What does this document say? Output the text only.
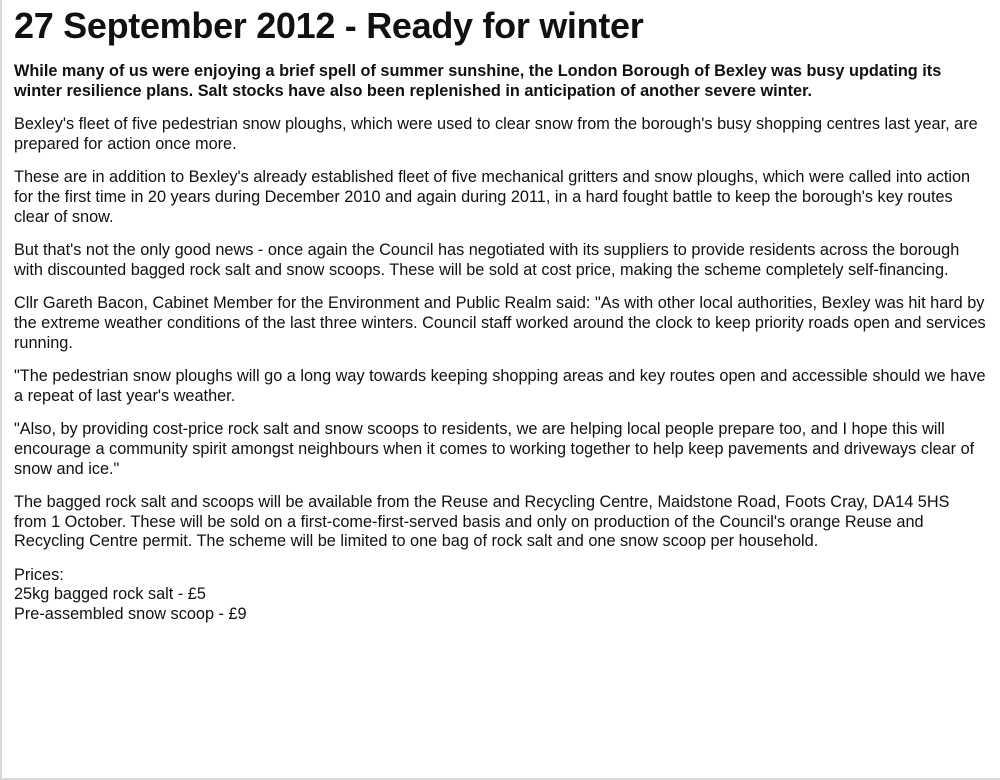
27 September 2012 - Ready for winter

While many of us were enjoying a brief spell of summer sunshine, the London Borough of Bexley was busy updating its winter resilience plans. Salt stocks have also been replenished in anticipation of another severe winter.

Bexley's fleet of five pedestrian snow ploughs, which were used to clear snow from the borough's busy shopping centres last year, are prepared for action once more.

These are in addition to Bexley's already established fleet of five mechanical gritters and snow ploughs, which were called into action for the first time in 20 years during December 2010 and again during 2011, in a hard fought battle to keep the borough's key routes clear of snow.

But that's not the only good news - once again the Council has negotiated with its suppliers to provide residents across the borough with discounted bagged rock salt and snow scoops. These will be sold at cost price, making the scheme completely self-financing.

Cllr Gareth Bacon, Cabinet Member for the Environment and Public Realm said: "As with other local authorities, Bexley was hit hard by the extreme weather conditions of the last three winters. Council staff worked around the clock to keep priority roads open and services running.

"The pedestrian snow ploughs will go a long way towards keeping shopping areas and key routes open and accessible should we have a repeat of last year's weather.

"Also, by providing cost-price rock salt and snow scoops to residents, we are helping local people prepare too, and I hope this will encourage a community spirit amongst neighbours when it comes to working together to help keep pavements and driveways clear of snow and ice."

The bagged rock salt and scoops will be available from the Reuse and Recycling Centre, Maidstone Road, Foots Cray, DA14 5HS from 1 October. These will be sold on a first-come-first-served basis and only on production of the Council's orange Reuse and Recycling Centre permit. The scheme will be limited to one bag of rock salt and one snow scoop per household.

Prices:
25kg bagged rock salt - £5
Pre-assembled snow scoop - £9
